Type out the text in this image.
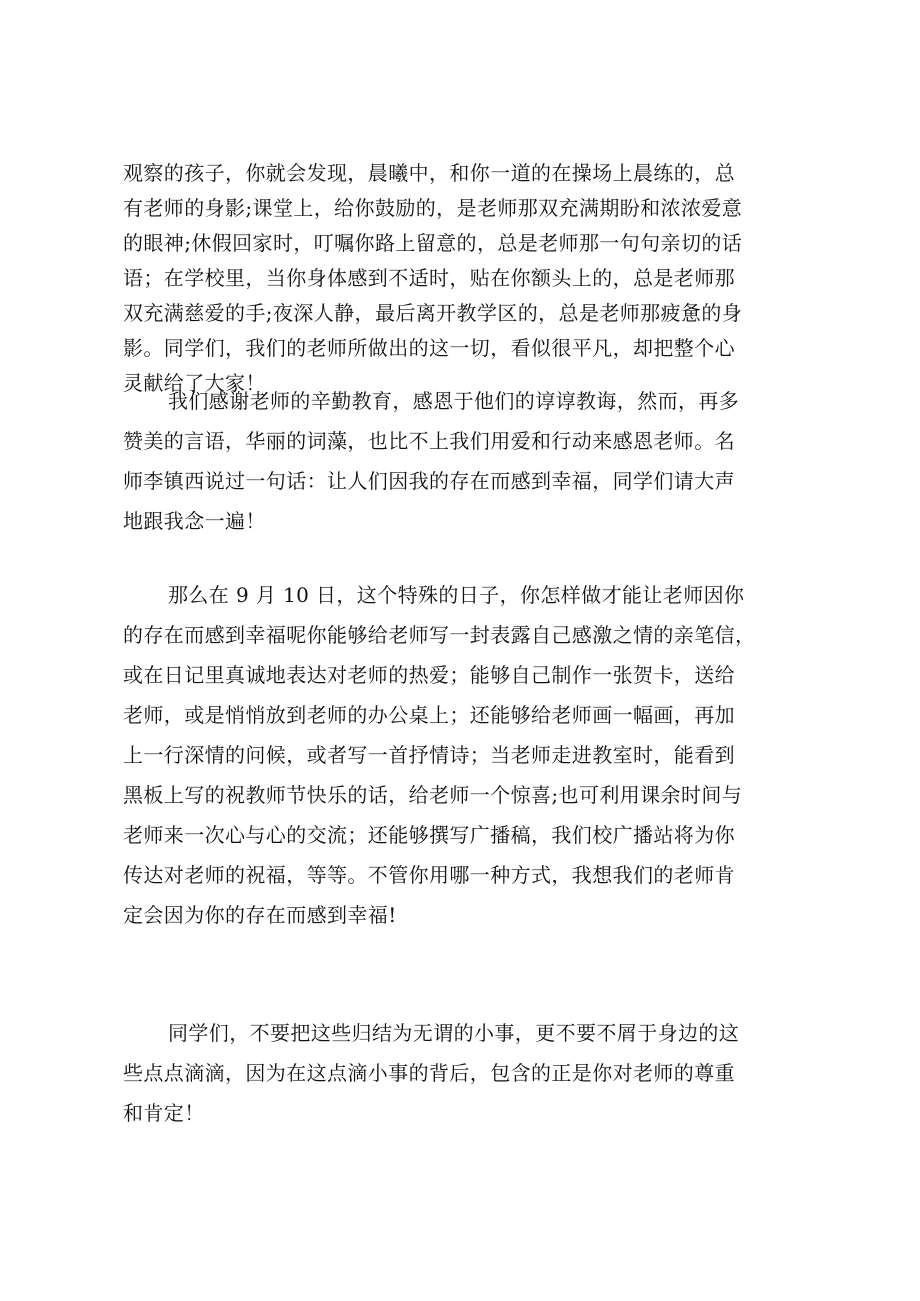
观察的孩子，你就会发现，晨曦中，和你一道的在操场上晨练的，总
有老师的身影;课堂上，给你鼓励的，是老师那双充满期盼和浓浓爱意
的眼神;休假回家时，叮嘱你路上留意的，总是老师那一句句亲切的话
语；在学校里，当你身体感到不适时，贴在你额头上的，总是老师那
双充满慈爱的手;夜深人静，最后离开教学区的，总是老师那疲惫的身
影。同学们，我们的老师所做出的这一切，看似很平凡，却把整个心
灵献给了大家！
我们感谢老师的辛勤教育，感恩于他们的谆谆教诲，然而，再多
赞美的言语，华丽的词藻，也比不上我们用爱和行动来感恩老师。名
师李镇西说过一句话：让人们因我的存在而感到幸福，同学们请大声
地跟我念一遍！
那么在 9 月 10 日，这个特殊的日子，你怎样做才能让老师因你
的存在而感到幸福呢你能够给老师写一封表露自己感激之情的亲笔信，
或在日记里真诚地表达对老师的热爱；能够自己制作一张贺卡，送给
老师，或是悄悄放到老师的办公桌上；还能够给老师画一幅画，再加
上一行深情的问候，或者写一首抒情诗；当老师走进教室时，能看到
黑板上写的祝教师节快乐的话，给老师一个惊喜;也可利用课余时间与
老师来一次心与心的交流；还能够撰写广播稿，我们校广播站将为你
传达对老师的祝福，等等。不管你用哪一种方式，我想我们的老师肯
定会因为你的存在而感到幸福!
同学们，不要把这些归结为无谓的小事，更不要不屑于身边的这
些点点滴滴，因为在这点滴小事的背后，包含的正是你对老师的尊重
和肯定！
